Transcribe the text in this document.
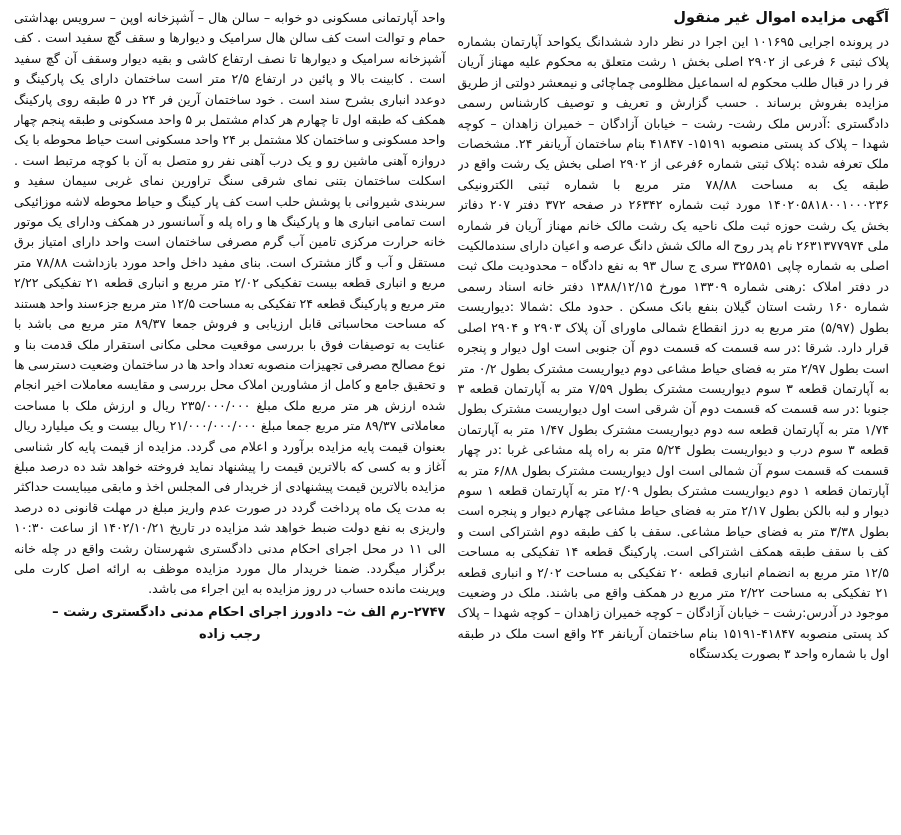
آگهی مزایده اموال غیر منقول

در پرونده اجرایی ۱۰۱۶۹۵ این اجرا در نظر دارد ششدانگ یکواحد آپارتمان بشماره پلاک ثبتی ۶ فرعی از ۲۹۰۲ اصلی بخش ۱ رشت متعلق به محکوم علیه مهناز آریان فر را در قبال طلب محکوم له اسماعیل مظلومی چماچائی و نیمعشر دولتی از طریق مزایده بفروش برساند . حسب گزارش و تعریف و توصیف کارشناس رسمی دادگستری :آدرس ملک رشت- رشت – خیابان آزادگان – خمیران زاهدان – کوچه شهدا – پلاک کد پستی منصوبه ۱۵۱۹۱- ۴۱۸۴۷ بنام ساختمان آریانفر ۲۴. مشخصات ملک تعرفه شده :پلاک ثبتی شماره ۶فرعی از ۲۹۰۲ اصلی بخش یک رشت واقع در طبقه یک به مساحت ۷۸/۸۸ متر مربع با شماره ثبتی الکترونیکی ۱۴۰۲۰۵۸۱۸۰۰۱۰۰۰۲۳۶ مورد ثبت شماره ۲۶۳۴۲ در صفحه ۳۷۲ دفتر ۲۰۷ دفاتر بخش یک رشت حوزه ثبت ملک ناحیه یک رشت مالک خانم مهناز آریان فر شماره ملی ۲۶۳۱۳۷۷۹۷۴ نام پدر روح اله مالک شش دانگ عرصه و اعیان دارای سندمالکیت اصلی به شماره چاپی ۳۲۵۸۵۱ سری ج سال ۹۳ به نفع دادگاه – محدودیت ملک ثبت در دفتر املاک :رهنی شماره ۱۳۳۰۹ مورخ ۱۳۸۸/۱۲/۱۵ دفتر خانه اسناد رسمی شماره ۱۶۰ رشت استان گیلان بنفع بانک مسکن . حدود ملک :شمالا :دیواریست بطول (۵/۹۷) متر مربع به درز انقطاع شمالی ماورای آن پلاک ۲۹۰۳ و ۲۹۰۴ اصلی قرار دارد. شرقا :در سه قسمت که قسمت دوم آن جنوبی است اول دیوار و پنجره است بطول ۲/۹۷ متر به فضای حیاط مشاعی دوم دیواریست مشترک بطول ۰/۲ متر به آپارتمان قطعه ۳ سوم دیواریست مشترک بطول ۷/۵۹ متر به آپارتمان قطعه ۳ جنوبا :در سه قسمت که قسمت دوم آن شرقی است اول دیواریست مشترک بطول ۱/۷۴ متر به آپارتمان قطعه سه دوم دیواریست مشترک بطول ۱/۴۷ متر به آپارتمان قطعه ۳ سوم درب و دیواریست بطول ۵/۲۴ متر به راه پله مشاعی غربا :در چهار قسمت که قسمت سوم آن شمالی است اول دیواریست مشترک بطول ۶/۸۸ متر به آپارتمان قطعه ۱ دوم دیواریست مشترک بطول ۲/۰۹ متر به آپارتمان قطعه ۱ سوم دیوار و لبه بالکن بطول ۲/۱۷ متر به فضای حیاط مشاعی چهارم دیوار و پنجره است بطول ۳/۳۸ متر به فضای حیاط مشاعی. سقف با کف طبقه دوم اشتراکی است و کف با سقف طبقه همکف اشتراکی است. پارکینگ قطعه ۱۴ تفکیکی به مساحت ۱۲/۵ متر مربع به انضمام انباری قطعه ۲۰ تفکیکی به مساحت ۲/۰۲ و انباری قطعه ۲۱ تفکیکی به مساحت ۲/۲۲ متر مربع در همکف واقع می باشند. ملک در وضعیت موجود در آدرس:رشت – خیابان آزادگان – کوچه خمیران زاهدان – کوچه شهدا – پلاک کد پستی منصوبه ۴۱۸۴۷-۱۵۱۹۱ بنام ساختمان آریانفر ۲۴ واقع است ملک در طبقه اول با شماره واحد ۳ بصورت یکدستگاه

واحد آپارتمانی مسکونی دو خوابه – سالن هال – آشپزخانه اوپن – سرویس بهداشتی حمام و توالت است کف سالن هال سرامیک و دیوارها و سقف گچ سفید است . کف آشپزخانه سرامیک و دیوارها تا نصف ارتفاع کاشی و بقیه دیوار وسقف آن گچ سفید است . کابینت بالا و پائین در ارتفاع ۲/۵ متر است ساختمان دارای یک پارکینگ و دوعدد انباری بشرح سند است . خود ساختمان آرین فر ۲۴ در ۵ طبقه روی پارکینگ همکف که طبقه اول تا چهارم هر کدام مشتمل بر ۵ واحد مسکونی و طبقه پنجم چهار واحد مسکونی و ساختمان کلا مشتمل بر ۲۴ واحد مسکونی است حیاط محوطه با یک دروازه آهنی ماشین رو و یک درب آهنی نفر رو متصل به آن با کوچه مرتبط است . اسکلت ساختمان بتنی نمای شرقی سنگ تراورین نمای غربی سیمان سفید و سربندی شیروانی با پوشش حلب است کف پار کینگ و حیاط محوطه لاشه موزائیکی است تمامی انباری ها و پارکینگ ها و راه پله و آسانسور در همکف ودارای یک موتور خانه حرارت مرکزی تامین آب گرم مصرفی ساختمان است واحد دارای امتیاز برق مستقل و آب و گاز مشترک است. بنای مفید داخل واحد مورد بازداشت ۷۸/۸۸ متر مربع و انباری قطعه بیست تفکیکی ۲/۰۲ متر مربع و انباری قطعه ۲۱ تفکیکی ۲/۲۲ متر مربع و پارکینگ قطعه ۲۴ تفکیکی به مساحت ۱۲/۵ متر مربع جزءسند واحد هستند که مساحت محاسباتی قابل ارزیابی و فروش جمعا ۸۹/۳۷ متر مربع می باشد با عنایت به توصیفات فوق با بررسی موقعیت محلی مکانی استقرار ملک قدمت بنا و نوع مصالح مصرفی تجهیزات منصوبه تعداد واحد ها در ساختمان وضعیت دسترسی ها و تحقیق جامع و کامل از مشاورین املاک محل بررسی و مقایسه معاملات اخیر انجام شده ارزش هر متر مربع ملک مبلغ ۲۳۵/۰۰۰/۰۰۰ ریال و ارزش ملک با مساحت معاملاتی ۸۹/۳۷ متر مربع جمعا مبلغ ۲۱/۰۰۰/۰۰۰/۰۰۰ ریال بیست و یک میلیارد ریال بعنوان قیمت پایه مزایده برآورد و اعلام می گردد. مزایده از قیمت پایه کار شناسی آغاز و به کسی که بالاترین قیمت را پیشنهاد نماید فروخته خواهد شد ده درصد مبلغ مزایده بالاترین قیمت پیشنهادی از خریدار فی المجلس اخذ و مابقی میبایست حداکثر به مدت یک ماه پرداخت گردد در صورت عدم واریز مبلغ در مهلت قانونی ده درصد واریزی به نفع دولت ضبط خواهد شد مزایده در تاریخ ۱۴۰۲/۱۰/۲۱ از ساعت ۱۰:۳۰ الی ۱۱ در محل اجرای احکام مدنی دادگستری شهرستان رشت واقع در چله خانه برگزار میگردد. ضمنا خریدار مال مورد مزایده موظف به ارائه اصل کارت ملی وپرینت مانده حساب در روز مزایده به این اجراء می باشد.

۲۷۴۷–رم الف ث– دادورز اجرای احکام مدنی دادگستری رشت –
رجب زاده
